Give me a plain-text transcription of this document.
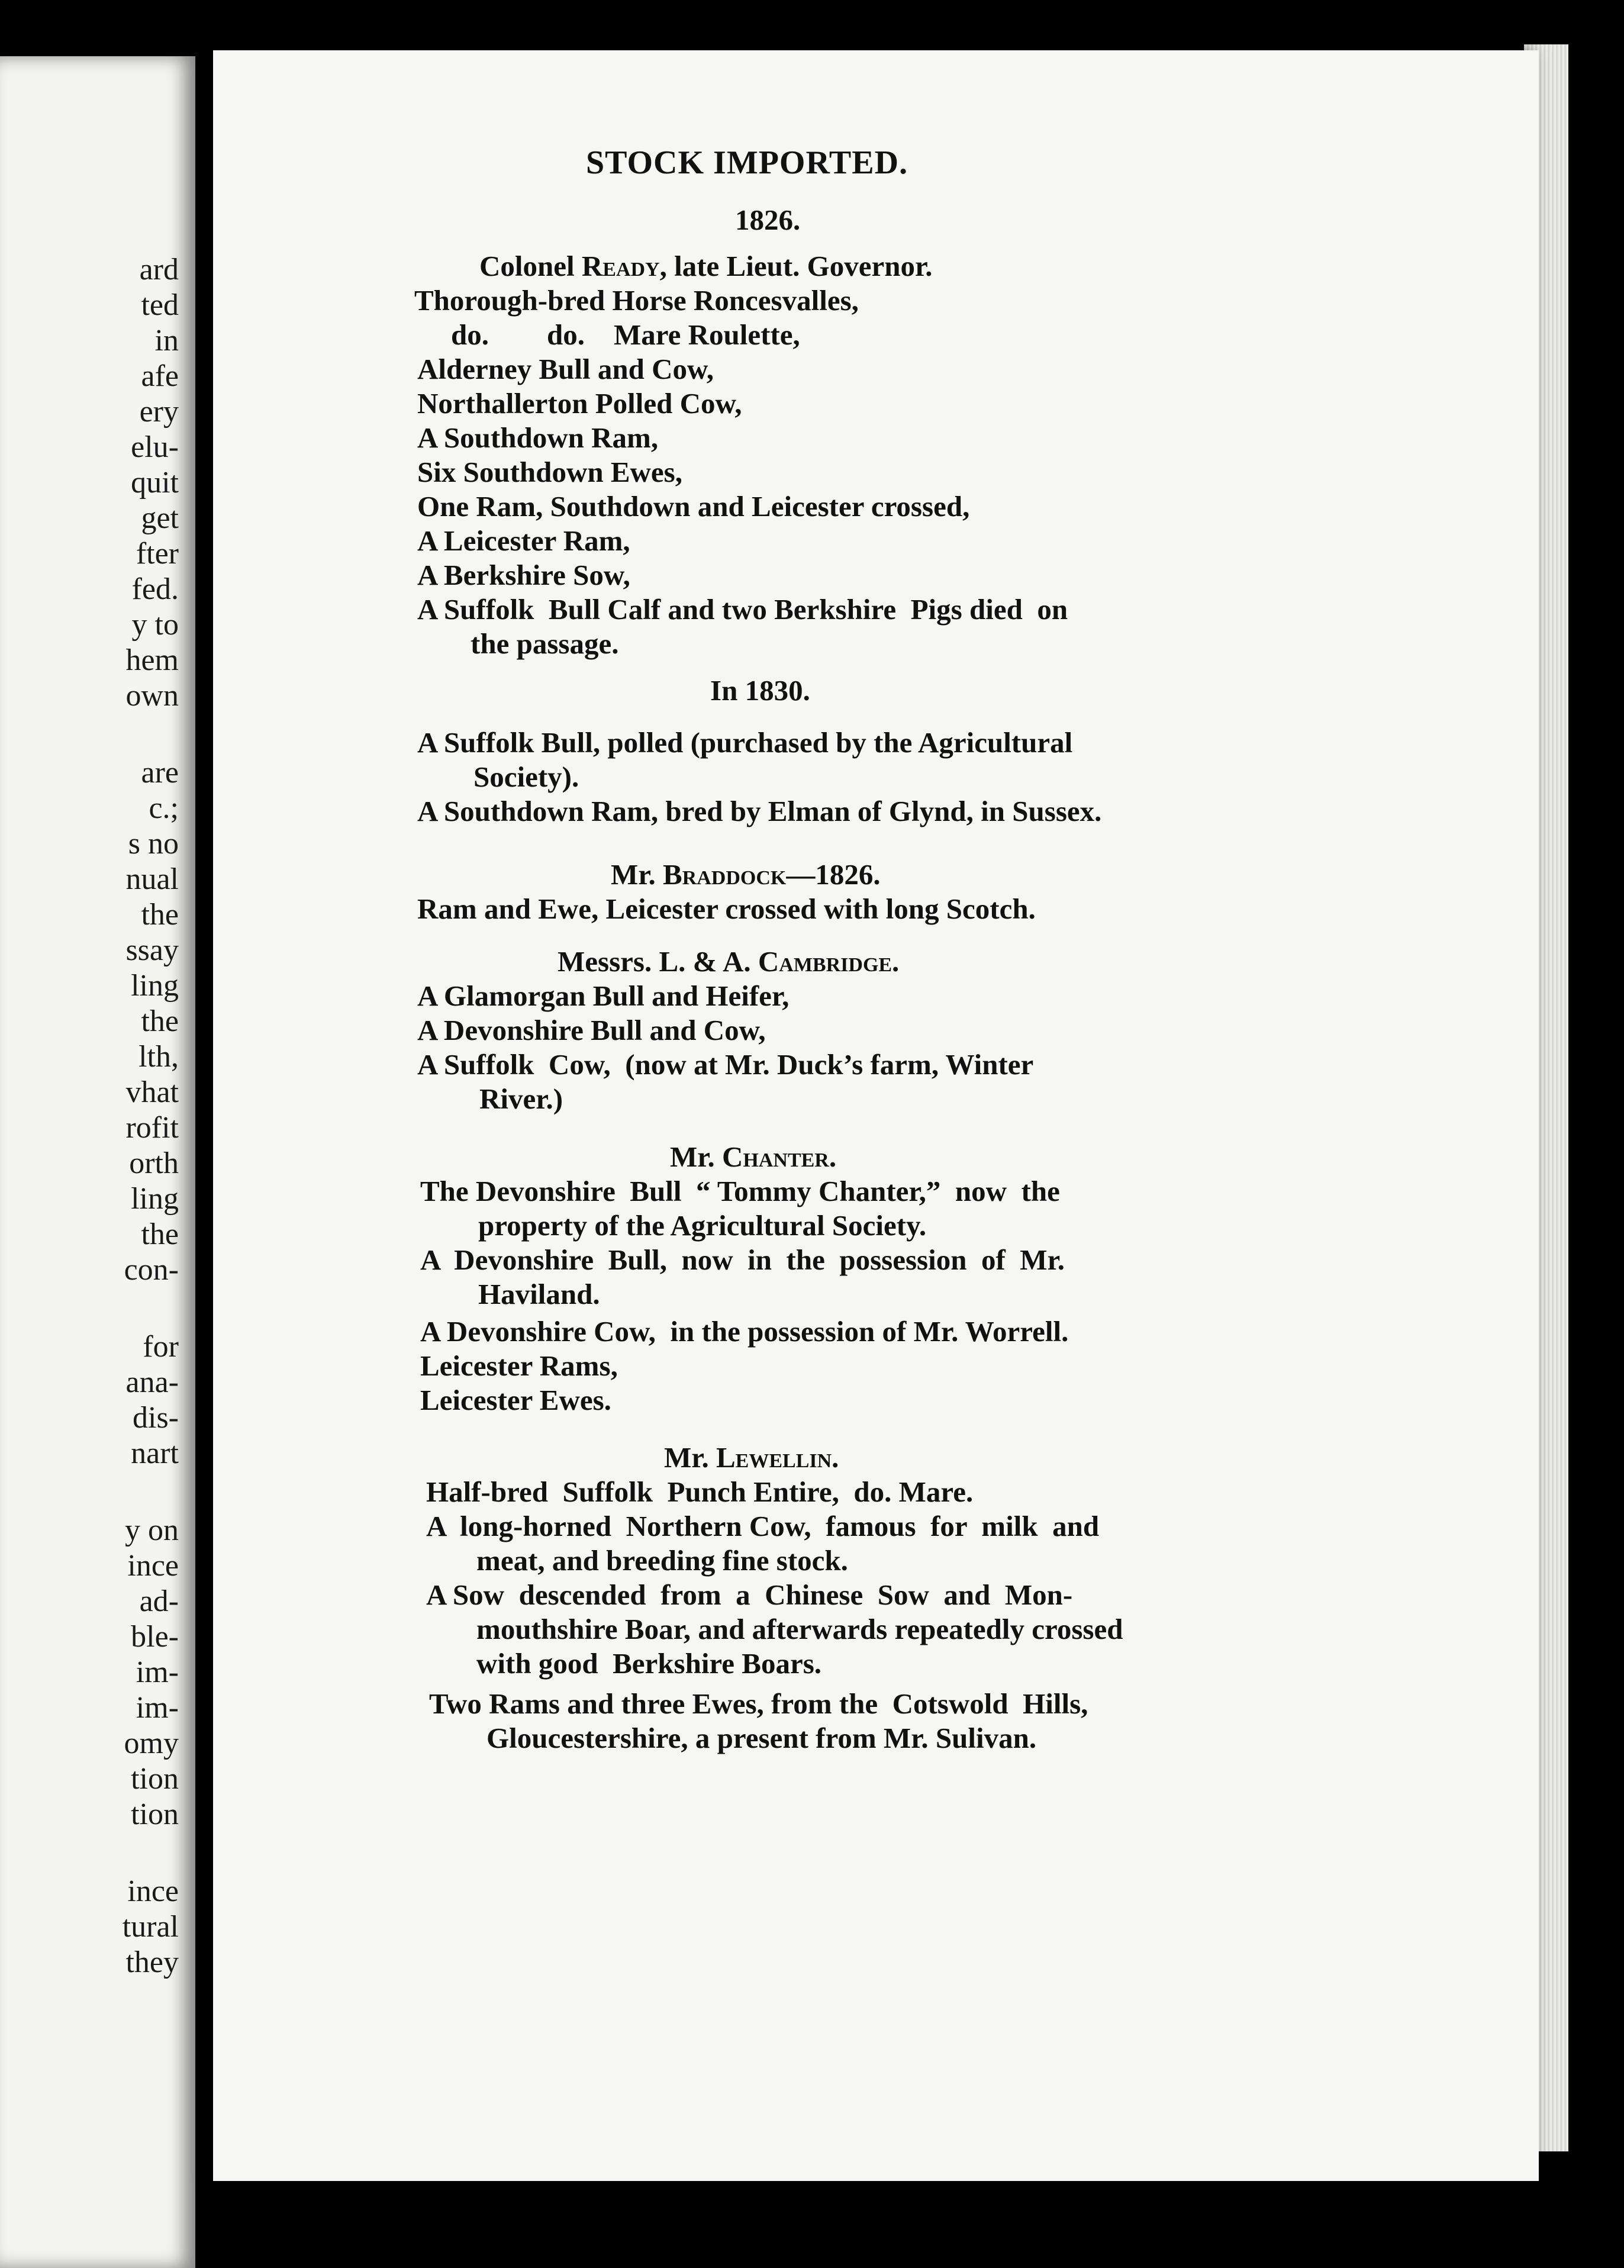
ard
ted
in
afe
ery
elu-
quit
get
fter
fed.
y to
hem
own
are
c.;
s no
nual
the
ssay
ling
the
lth,
vhat
rofit
orth
ling
the
con-
for
ana-
dis-
nart
y on
ince
ad-
ble-
im-
im-
omy
tion
tion
ince
tural
they
STOCK IMPORTED.
1826.
Colonel Ready, late Lieut. Governor.
Thorough-bred Horse Roncesvalles,
do.        do.    Mare Roulette,
Alderney Bull and Cow,
Northallerton Polled Cow,
A Southdown Ram,
Six Southdown Ewes,
One Ram, Southdown and Leicester crossed,
A Leicester Ram,
A Berkshire Sow,
A Suffolk  Bull Calf and two Berkshire  Pigs died  on
the passage.
In 1830.
A Suffolk Bull, polled (purchased by the Agricultural
Society).
A Southdown Ram, bred by Elman of Glynd, in Sussex.
Mr. Braddock—1826.
Ram and Ewe, Leicester crossed with long Scotch.
Messrs. L. & A. Cambridge.
A Glamorgan Bull and Heifer,
A Devonshire Bull and Cow,
A Suffolk  Cow,  (now at Mr. Duck’s farm, Winter
River.)
Mr. Chanter.
The Devonshire  Bull  “ Tommy Chanter,”  now  the
property of the Agricultural Society.
A  Devonshire  Bull,  now  in  the  possession  of  Mr.
Haviland.
A Devonshire Cow,  in the possession of Mr. Worrell.
Leicester Rams,
Leicester Ewes.
Mr. Lewellin.
Half-bred  Suffolk  Punch Entire,  do. Mare.
A  long-horned  Northern Cow,  famous  for  milk  and
meat, and breeding fine stock.
A Sow  descended  from  a  Chinese  Sow  and  Mon-
mouthshire Boar, and afterwards repeatedly crossed
with good  Berkshire Boars.
Two Rams and three Ewes, from the  Cotswold  Hills,
Gloucestershire, a present from Mr. Sulivan.
